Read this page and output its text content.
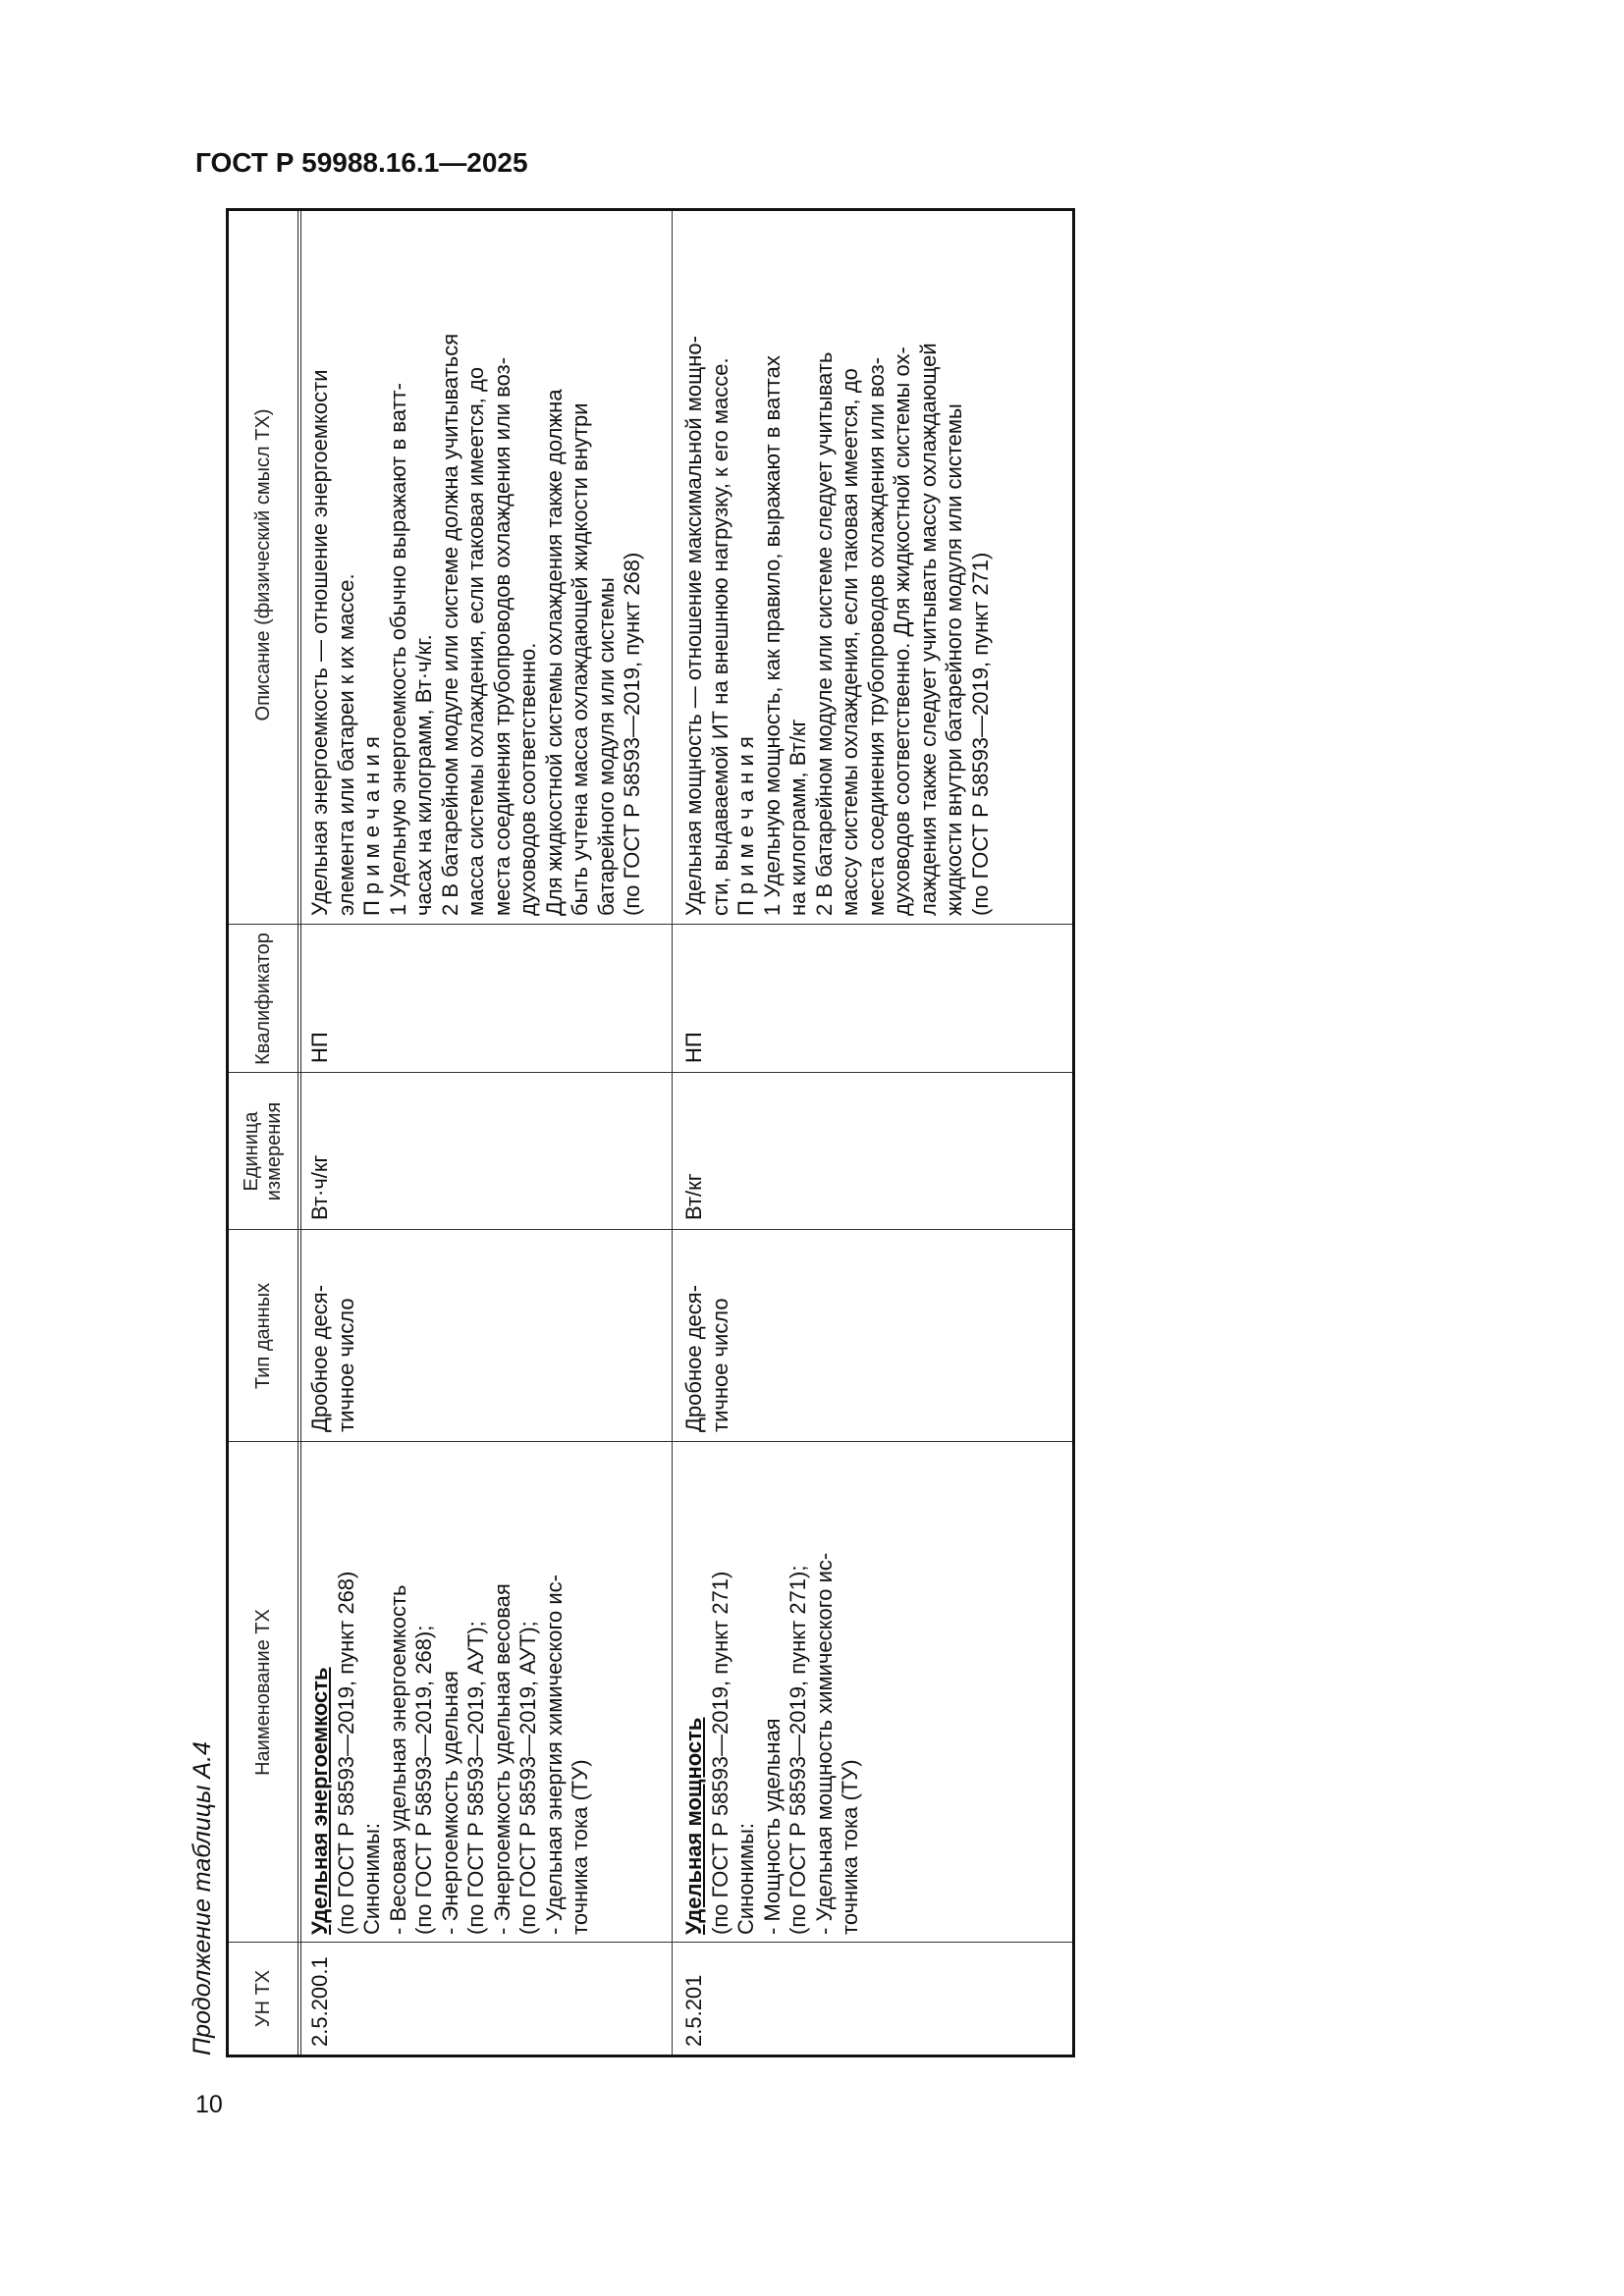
ГОСТ Р 59988.16.1—2025
10
Продолжение таблицы А.4	УН ТХ
Наименование ТХ
Тип данных
Единица измерения
Квалификатор
Описание (физический смысл ТХ)
2.5.200.1
Удельная энергоемкость (по ГОСТ Р 58593—2019, пункт 268) Синонимы: - Весовая удельная энергоемкость (по ГОСТ Р 58593—2019, 268); - Энергоемкость удельная (по ГОСТ Р 58593—2019, АУТ); - Энергоемкость удельная весовая (по ГОСТ Р 58593—2019, АУТ); - Удельная энергия химического ис- точника тока (ТУ)
Дробное деся- тичное число
Вт·ч/кг
НП
Удельная энергоемкость — отношение энергоемкости элемента или батареи к их массе. П р и м е ч а н и я 1 Удельную энергоемкость обычно выражают в ватт- часах на килограмм, Вт·ч/кг. 2 В батарейном модуле или системе должна учитываться масса системы охлаждения, если таковая имеется, до места соединения трубопроводов охлаждения или воз- духоводов соответственно. Для жидкостной системы охлаждения также должна быть учтена масса охлаждающей жидкости внутри батарейного модуля или системы (по ГОСТ Р 58593—2019, пункт 268)
2.5.201
Удельная мощность (по ГОСТ Р 58593—2019, пункт 271) Синонимы: - Мощность удельная (по ГОСТ Р 58593—2019, пункт 271); - Удельная мощность химического ис- точника тока (ТУ)
Дробное деся- тичное число
Вт/кг
НП
Удельная мощность — отношение максимальной мощно- сти, выдаваемой ИТ на внешнюю нагрузку, к его массе. П р и м е ч а н и я 1 Удельную мощность, как правило, выражают в ваттах на килограмм, Вт/кг 2 В батарейном модуле или системе следует учитывать массу системы охлаждения, если таковая имеется, до места соединения трубопроводов охлаждения или воз- духоводов соответственно. Для жидкостной системы ох- лаждения также следует учитывать массу охлаждающей жидкости внутри батарейного модуля или системы (по ГОСТ Р 58593—2019, пункт 271)
